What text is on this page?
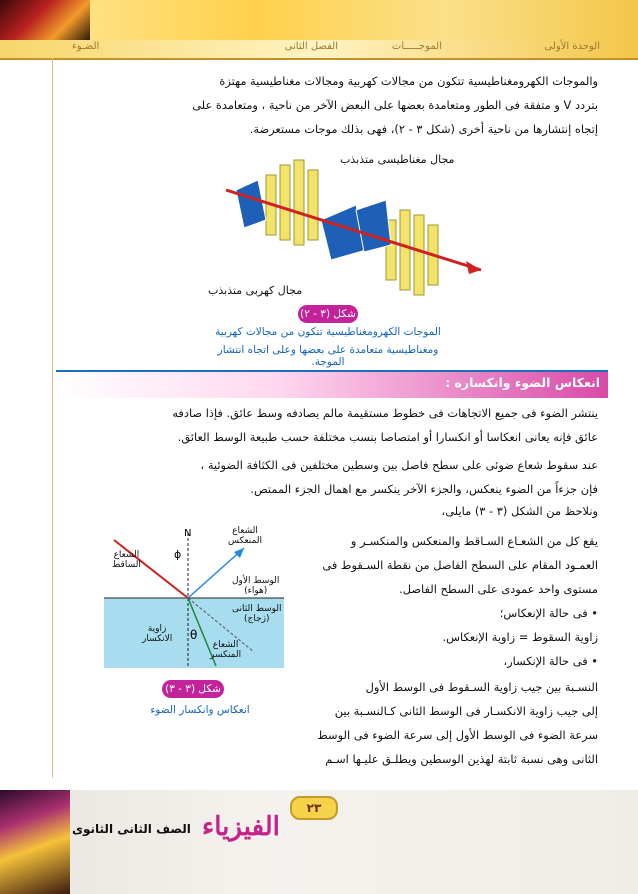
الوحدة الأولى
الموجـــــات
الفصل الثانى
الضـوء
والموجات الكهرومغناطيسية تتكون من مجالات كهربية ومجالات مغناطيسية مهتزة
بتردد V و متفقة فى الطور ومتعامدة بعضها على البعض الآخر من ناحية ، ومتعامدة على
إتجاه إنتشارها من ناحية أخرى (شكل ٣ - ٢)، فهى بذلك موجات مستعرضة.
مجال مغناطيسى متذبذب
مجال كهربى متذبذب
شكل (٣ - ٢)
الموجات الكهرومغناطيسية تتكون من مجالات كهربية
ومغناطيسية متعامدة على بعضها وعلى اتجاه انتشار الموجة.
انعكاس الضوء وانكساره :
ينتشر الضوء فى جميع الاتجاهات فى خطوط مستقيمة مالم يصادفه وسط عائق. فإذا صادفه
عائق فإنه يعانى انعكاسا أو انكسارا أو امتصاصا بنسب مختلفة حسب طبيعة الوسط العائق.
عند سقوط شعاع ضوئى على سطح فاصل بين وسطين مختلفين فى الكثافة الضوئية ،
فإن جزءاً من الضوء ينعكس، والجزء الآخر ينكسر مع اهمال الجزء الممتص.
ونلاحظ من الشكل (٣ - ٣) مايلى،
N	الشعاع
المنعكس
الشعاع
الساقط
ϕ
الوسط الأول
(هواء)
الوسط الثانى
(زجاج)
زاوية
الانكسار θ
الشعاع
المنكسر
شكل (٣ - ٣)
انعكاس وانكسار الضوء
يقع كل من الشعـاع السـاقط والمنعكس والمنكسـر و
العمـود المقام على السطح الفاصل من نقطة السـقوط فى
مستوى واحد عمودى على السطح الفاصل.
• فى حالة الإنعكاس؛
زاوية السقوط = زاوية الإنعكاس.
• فى حالة الإنكسار،
النسـبة بين جيب زاوية السـقوط فى الوسط الأول
إلى جيب زاوية الانكسـار فى الوسط الثانى كـالنسـبة بين
سرعة الضوء فى الوسط الأول إلى سرعة الضوء فى الوسط
الثانى وهى نسبة ثابتة لهذين الوسطين ويطلـق عليـها اسـم
٢٣
الفيزياء
الصف الثانى الثانوى
